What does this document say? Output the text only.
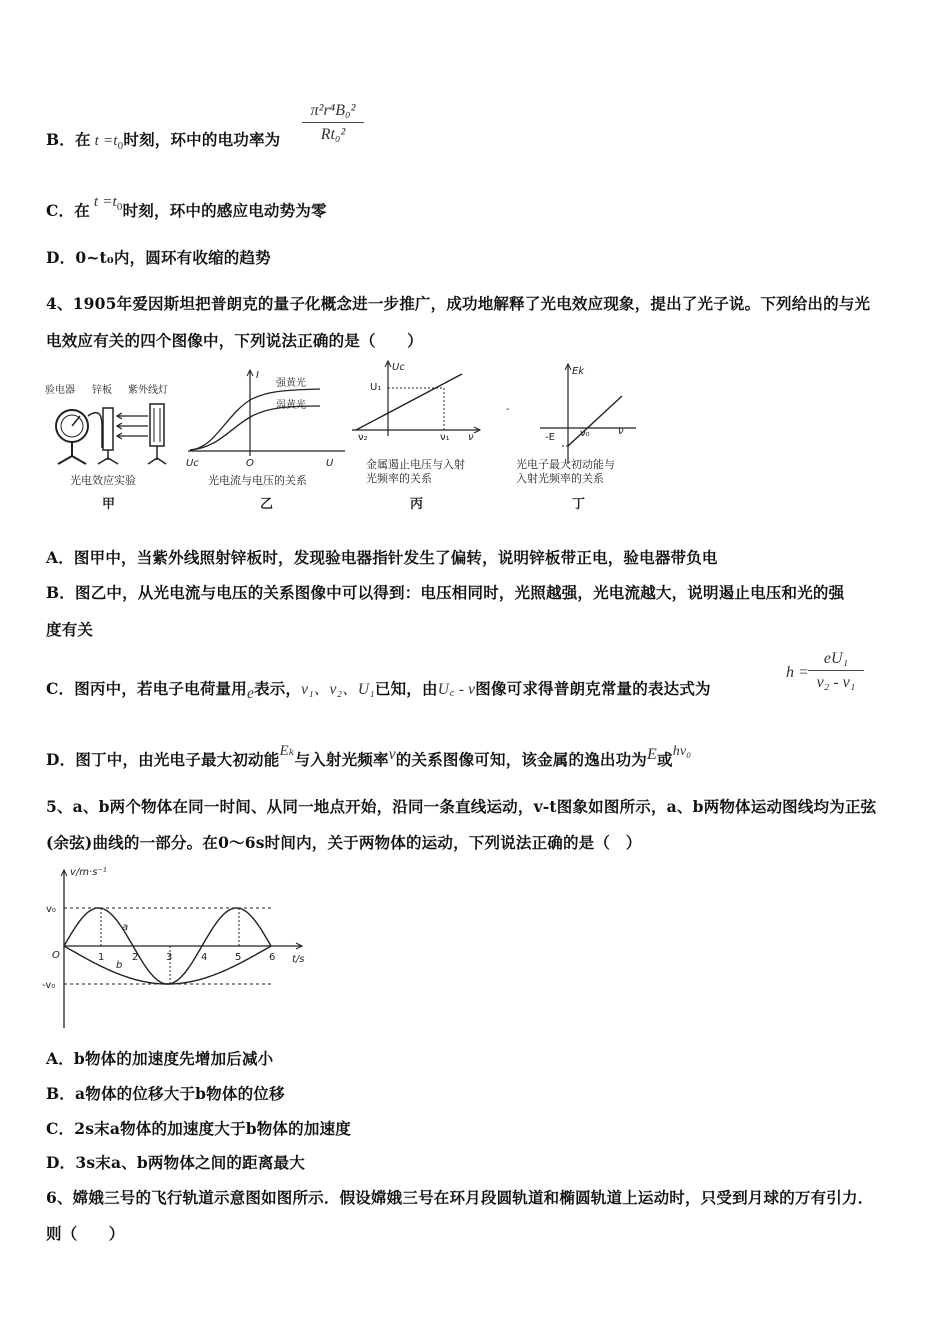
B．在 $t =t_0$时刻，环中的电功率为 $\frac{\text{π²r⁴B₀²}}{\text{Rt₀²}}$
C．在 $t =t_0$时刻，环中的感应电动势为零
D．0~t₀内，圆环有收缩的趋势
4、1905年爱因斯坦把普朗克的量子化概念进一步推广，成功地解释了光电效应现象，提出了光子说。下列给出的与光
电效应有关的四个图像中，下列说法正确的是（　　）
验电器 锌板 紫外线灯
光电效应实验
甲
I
强黄光
弱黄光
Uc	O	U
光电流与电压的关系
乙
Uc
U₁
ν₂	ν₁ ν
金属遏止电压与入射
光频率的关系
丙
-
Ek
-E	ν₀	ν
光电子最大初动能与
入射光频率的关系
丁
A．图甲中，当紫外线照射锌板时，发现验电器指针发生了偏转，说明锌板带正电，验电器带负电
B．图乙中，从光电流与电压的关系图像中可以得到：电压相同时，光照越强，光电流越大，说明遏止电压和光的强
度有关
C．图丙中，若电子电荷量用e表示，ν₁、ν₂、U₁已知，由U꜀ - ν图像可求得普朗克常量的表达式为
$h = \frac{\text{eU₁}}{\text{ν₂ - ν₁}}$
D．图丁中，由光电子最大初动能Eₖ与入射光频率ν的关系图像可知，该金属的逸出功为E或hν₀
5、a、b两个物体在同一时间、从同一地点开始，沿同一条直线运动，v-t图象如图所示，a、b两物体运动图线均为正弦
(余弦)曲线的一部分。在0～6s时间内，关于两物体的运动，下列说法正确的是（　）
v/m·s⁻¹
t/s
v₀
-v₀
O
a
b
1	2	3	4	5	6
A．b物体的加速度先增加后减小
B．a物体的位移大于b物体的位移
C．2s末a物体的加速度大于b物体的加速度
D．3s末a、b两物体之间的距离最大
6、嫦娥三号的飞行轨道示意图如图所示．假设嫦娥三号在环月段圆轨道和椭圆轨道上运动时，只受到月球的万有引力．
则（　　）
